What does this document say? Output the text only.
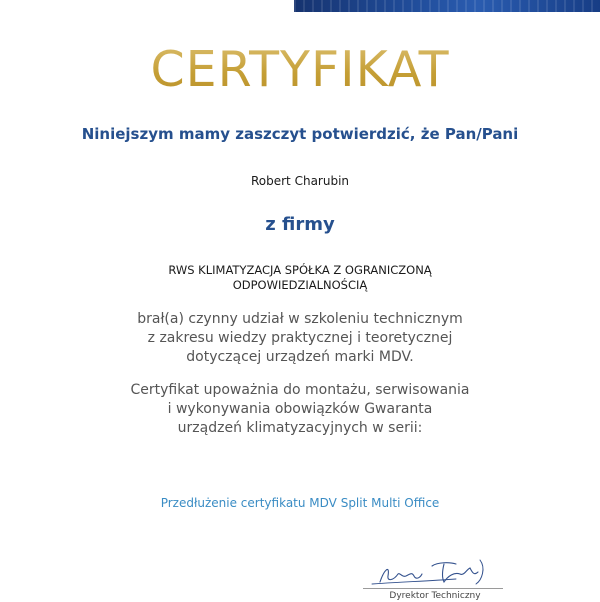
CERTYFIKAT
Niniejszym mamy zaszczyt potwierdzić, że Pan/Pani
Robert Charubin
z firmy
RWS KLIMATYZACJA SPÓŁKA Z OGRANICZONĄ ODPOWIEDZIALNOŚCIĄ
brał(a) czynny udział w szkoleniu technicznym
z zakresu wiedzy praktycznej i teoretycznej
dotyczącej urządzeń marki MDV.
Certyfikat upoważnia do montażu, serwisowania
i wykonywania obowiązków Gwaranta
urządzeń klimatyzacyjnych w serii:
Przedłużenie certyfikatu MDV Split Multi Office
Dyrektor Techniczny
